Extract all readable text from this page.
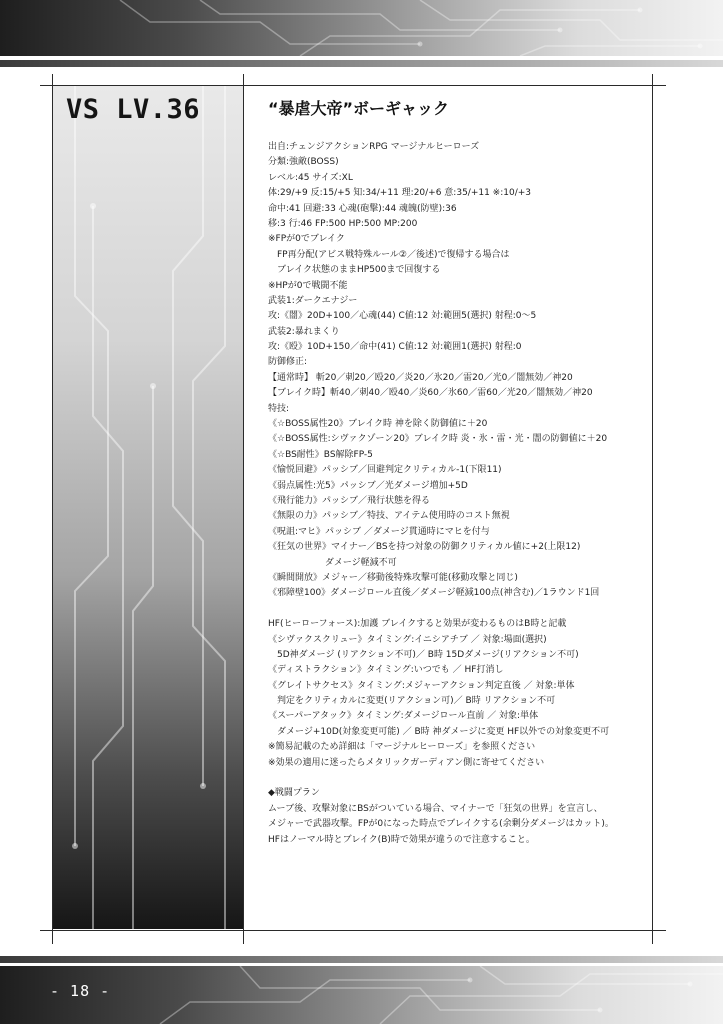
VS LV.36	“暴虐大帝”ボーギャック
出自:チェンジアクションRPG マージナルヒーローズ
分類:強敵(BOSS)
レベル:45 サイズ:XL
体:29/+9 反:15/+5 知:34/+11 理:20/+6 意:35/+11 ※:10/+3
命中:41 回避:33 心魂(砲撃):44 魂魄(防壁):36
移:3 行:46 FP:500 HP:500 MP:200
※FPが0でブレイク
　FP再分配(アビス戦特殊ルール②／後述)で復帰する場合は
　ブレイク状態のままHP500まで回復する
※HPが0で戦闘不能
武装1:ダークエナジー
攻:《闇》20D+100／心魂(44) C値:12 対:範囲5(選択) 射程:0～5
武装2:暴れまくり
攻:《殴》10D+150／命中(41) C値:12 対:範囲1(選択) 射程:0
防御修正:
【通常時】 斬20／刺20／殴20／炎20／氷20／雷20／光0／闇無効／神20
【ブレイク時】斬40／刺40／殴40／炎60／氷60／雷60／光20／闇無効／神20
特技:
《☆BOSS属性20》ブレイク時 神を除く防御値に＋20
《☆BOSS属性:シヴァクゾーン20》ブレイク時 炎・氷・雷・光・闇の防御値に＋20
《☆BS耐性》BS解除FP-5
《愉悦回避》パッシブ／回避判定クリティカル-1(下限11)
《弱点属性:光5》パッシブ／光ダメージ増加+5D
《飛行能力》パッシブ／飛行状態を得る
《無限の力》パッシブ／特技、アイテム使用時のコスト無視
《呪詛:マヒ》パッシブ ／ダメージ貫通時にマヒを付与
《狂気の世界》マイナー／BSを持つ対象の防御クリティカル値に+2(上限12)
　　　　　　 ダメージ軽減不可
《瞬間開放》メジャー／移動後特殊攻撃可能(移動攻撃と同じ)
《邪障壁100》ダメージロール直後／ダメージ軽減100点(神含む)／1ラウンド1回
HF(ヒーローフォース):加護 ブレイクすると効果が変わるものはB時と記載
《シヴァクスクリュー》タイミング:イニシアチブ ／ 対象:場面(選択)
　5D神ダメージ (リアクション不可)／ B時 15Dダメージ(リアクション不可)
《ディストラクション》タイミング:いつでも ／ HF打消し
《グレイトサクセス》タイミング:メジャーアクション判定直後 ／ 対象:単体
　判定をクリティカルに変更(リアクション可)／ B時 リアクション不可
《スーパーアタック》タイミング:ダメージロール直前 ／ 対象:単体
　ダメージ+10D(対象変更可能) ／ B時 神ダメージに変更 HF以外での対象変更不可
※簡易記載のため詳細は「マージナルヒーローズ」を参照ください
※効果の適用に迷ったらメタリックガーディアン側に寄せてください
◆戦闘プラン
ムーブ後、攻撃対象にBSがついている場合、マイナーで「狂気の世界」を宣言し、
メジャーで武器攻撃。FPが0になった時点でブレイクする(余剰分ダメージはカット)。
HFはノーマル時とブレイク(B)時で効果が違うので注意すること。
- 18 -
